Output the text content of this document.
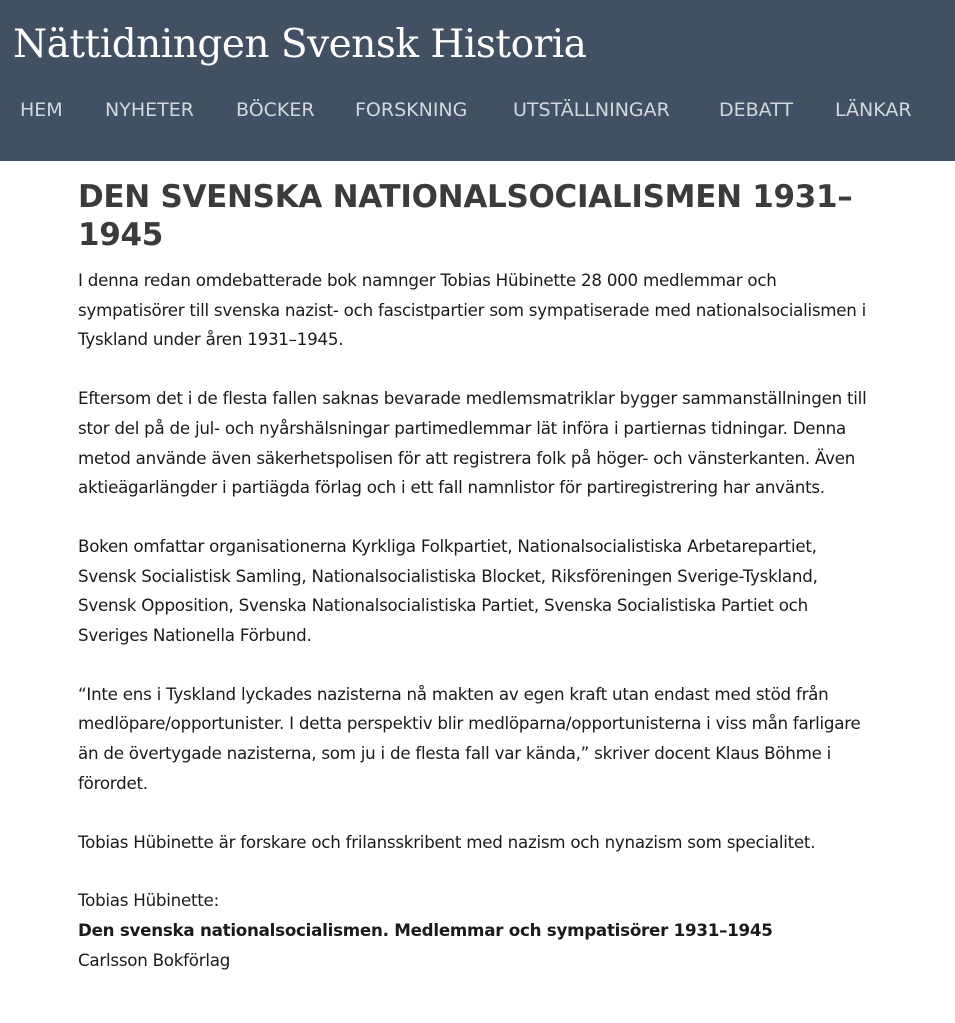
Nättidningen Svensk Historia
HEM NYHETER BÖCKER FORSKNING UTSTÄLLNINGAR	DEBATT LÄNKAR
DEN SVENSKA NATIONALSOCIALISMEN 1931–1945

I denna redan omdebatterade bok namnger Tobias Hübinette 28 000 medlemmar och sympatisörer till svenska nazist- och fascistpartier som sympatiserade med nationalsocialismen i Tyskland under åren 1931–1945.

Eftersom det i de flesta fallen saknas bevarade medlemsmatriklar bygger sammanställningen till stor del på de jul- och nyårshälsningar partimedlemmar lät införa i partiernas tidningar. Denna metod använde även säkerhetspolisen för att registrera folk på höger- och vänsterkanten. Även aktieägarlängder i partiägda förlag och i ett fall namnlistor för partiregistrering har använts.

Boken omfattar organisationerna Kyrkliga Folkpartiet, Nationalsocialistiska Arbetarepartiet, Svensk Socialistisk Samling, Nationalsocialistiska Blocket, Riksföreningen Sverige-Tyskland, Svensk Opposition, Svenska Nationalsocialistiska Partiet, Svenska Socialistiska Partiet och Sveriges Nationella Förbund.

“Inte ens i Tyskland lyckades nazisterna nå makten av egen kraft utan endast med stöd från medlöpare/opportunister. I detta perspektiv blir medlöparna/opportunisterna i viss mån farligare än de övertygade nazisterna, som ju i de flesta fall var kända,” skriver docent Klaus Böhme i förordet.

Tobias Hübinette är forskare och frilansskribent med nazism och nynazism som specialitet.

Tobias Hübinette:
Den svenska nationalsocialismen. Medlemmar och sympatisörer 1931–1945
Carlsson Bokförlag
